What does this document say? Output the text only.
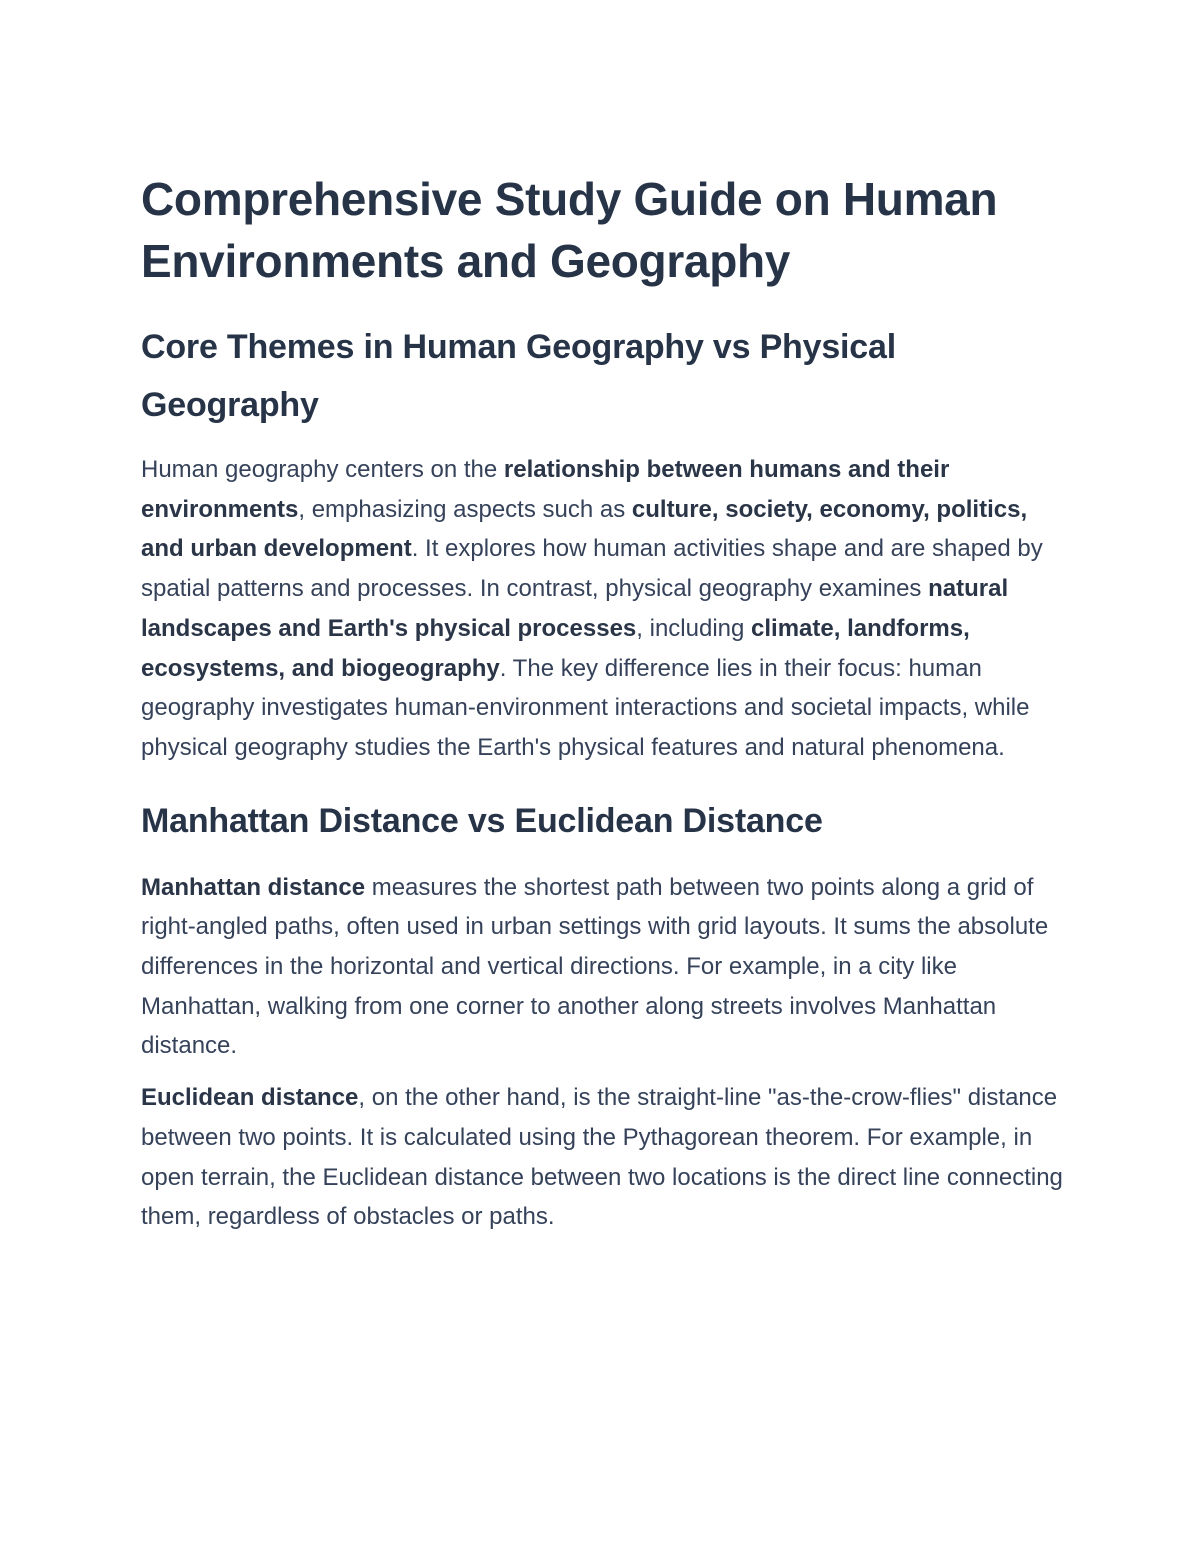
Comprehensive Study Guide on Human Environments and Geography
Core Themes in Human Geography vs Physical Geography

Human geography centers on the relationship between humans and their environments, emphasizing aspects such as culture, society, economy, politics, and urban development. It explores how human activities shape and are shaped by spatial patterns and processes. In contrast, physical geography examines natural landscapes and Earth's physical processes, including climate, landforms, ecosystems, and biogeography. The key difference lies in their focus: human geography investigates human-environment interactions and societal impacts, while physical geography studies the Earth's physical features and natural phenomena.

Manhattan Distance vs Euclidean Distance

Manhattan distance measures the shortest path between two points along a grid of right-angled paths, often used in urban settings with grid layouts. It sums the absolute differences in the horizontal and vertical directions. For example, in a city like Manhattan, walking from one corner to another along streets involves Manhattan distance.

Euclidean distance, on the other hand, is the straight-line "as-the-crow-flies" distance between two points. It is calculated using the Pythagorean theorem. For example, in open terrain, the Euclidean distance between two locations is the direct line connecting them, regardless of obstacles or paths.
